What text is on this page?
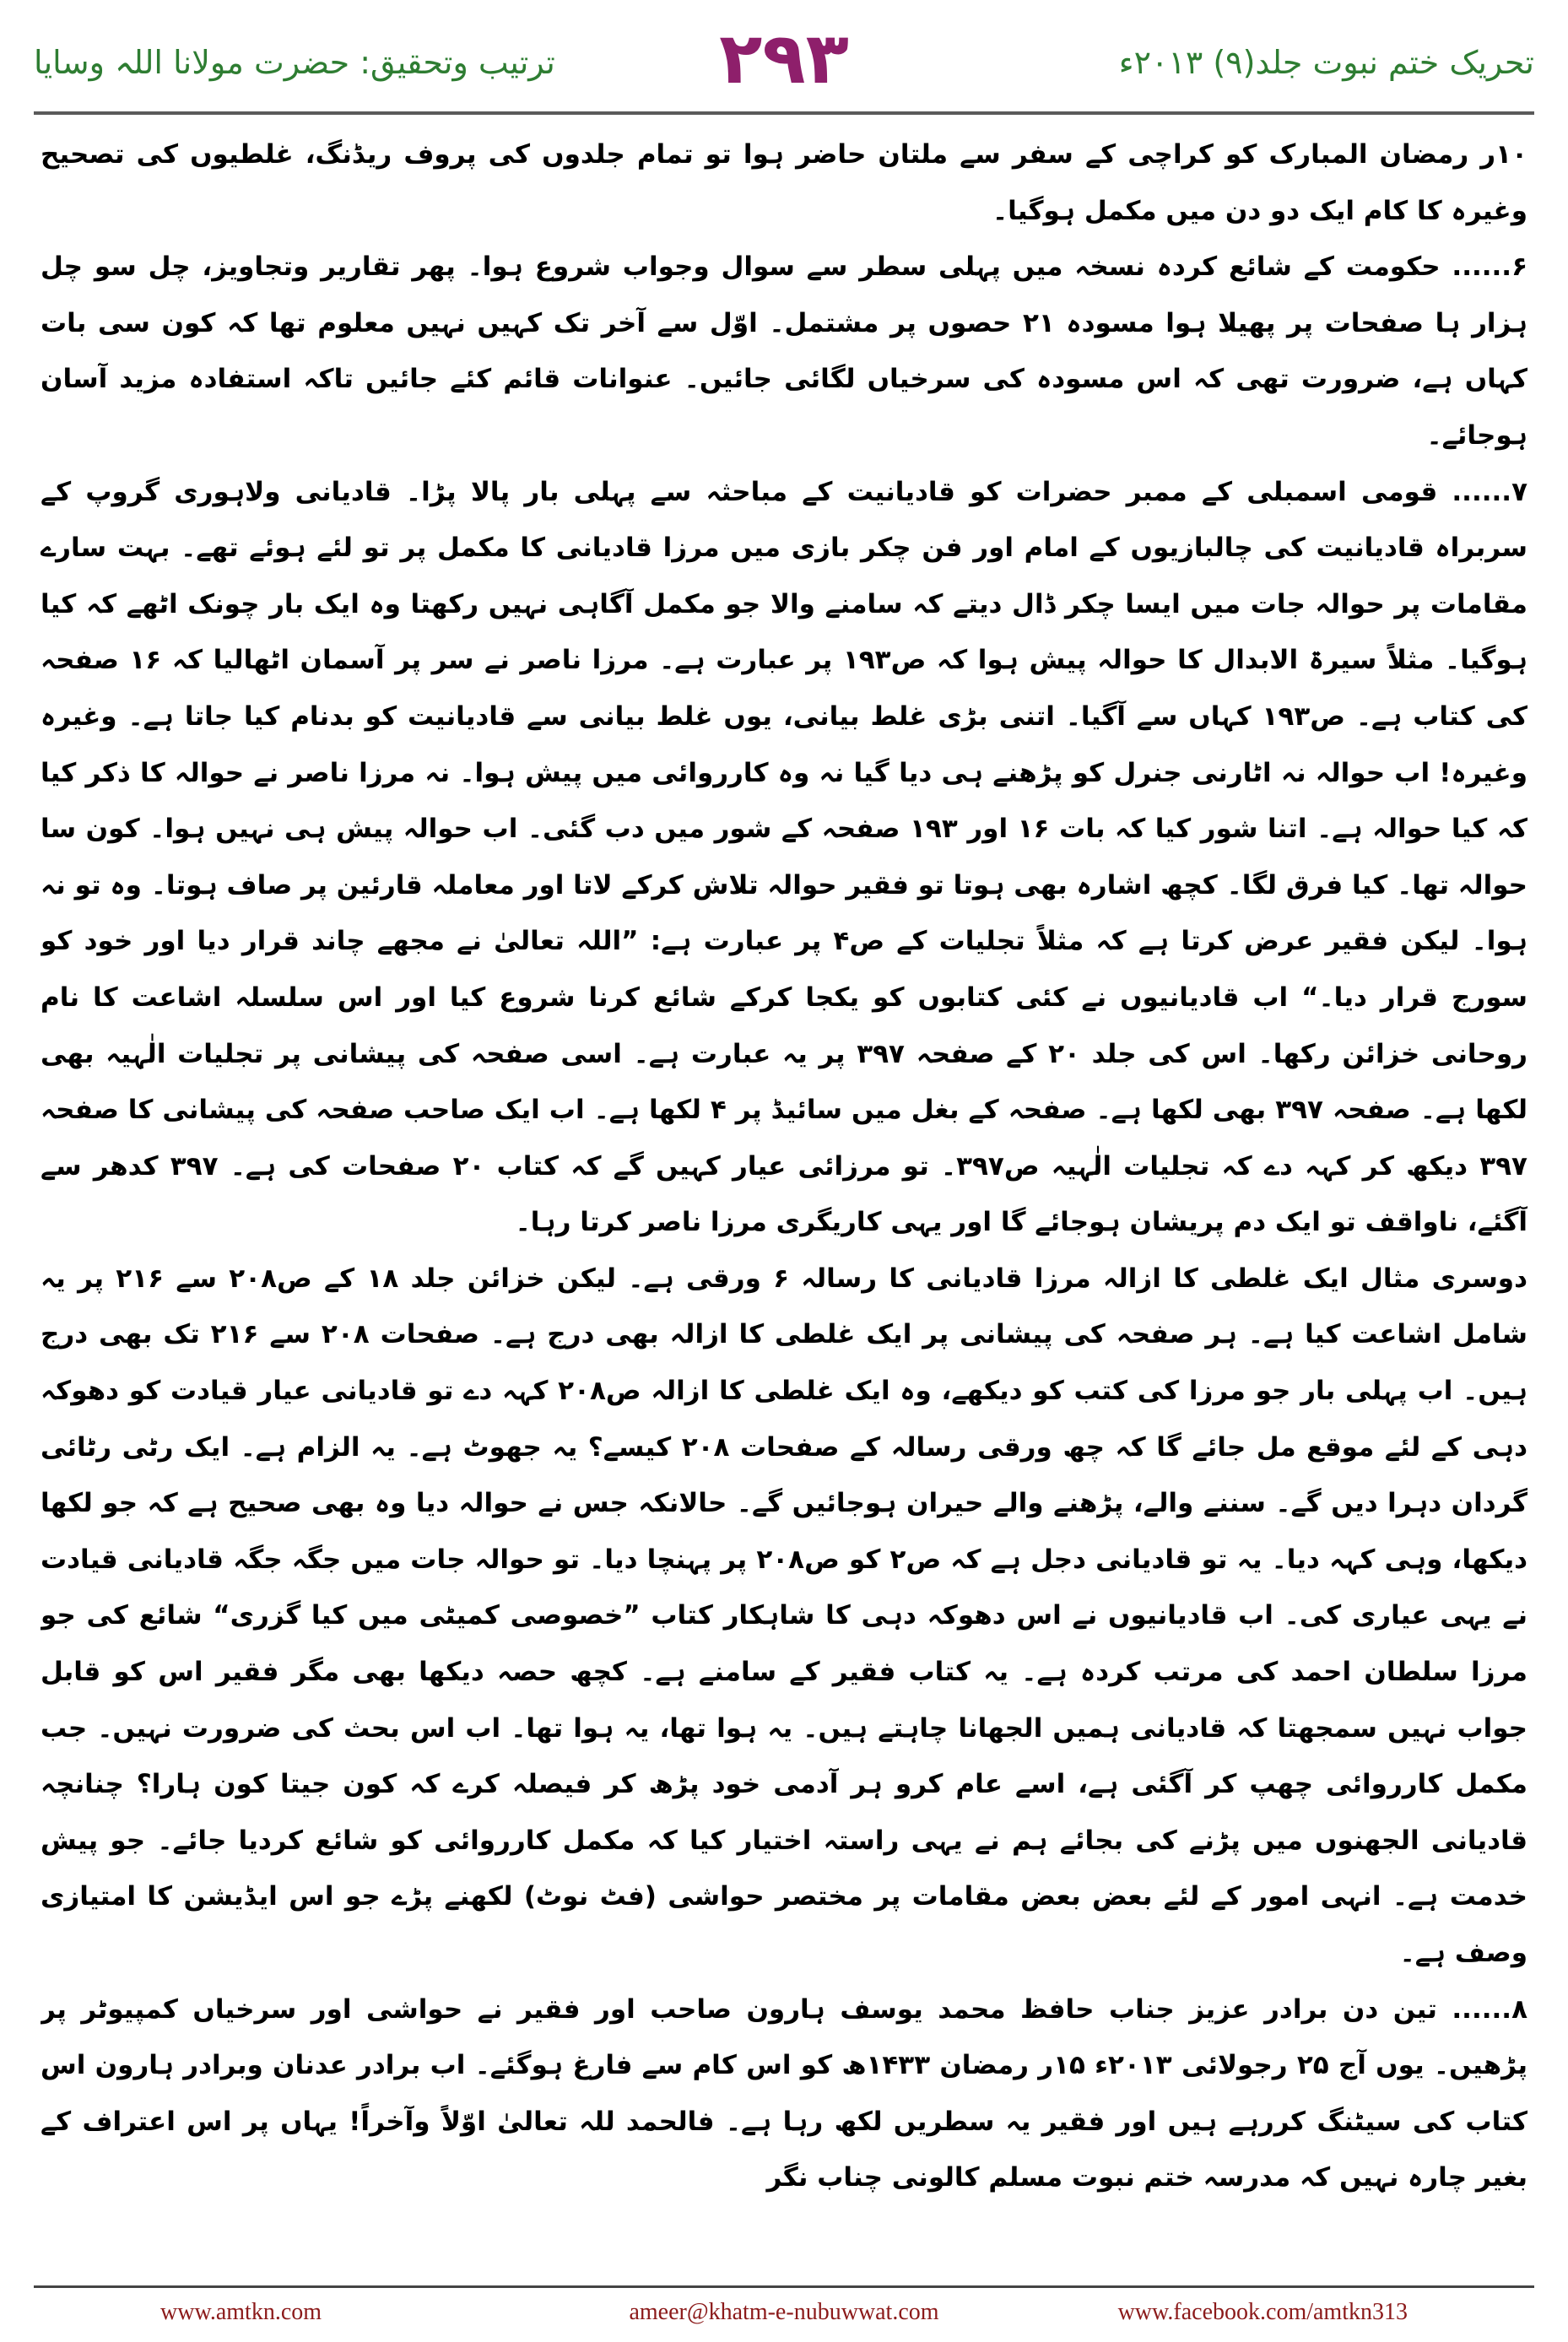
ترتیب وتحقیق: حضرت مولانا اللہ وسایا	۲۹۳	تحریک ختم نبوت جلد(۹) ۲۰۱۳ء

۱۰ر رمضان المبارک کو کراچی کے سفر سے ملتان حاضر ہوا تو تمام جلدوں کی پروف ریڈنگ، غلطیوں کی تصحیح وغیرہ کا کام ایک دو دن میں مکمل ہوگیا۔

۶...... حکومت کے شائع کردہ نسخہ میں پہلی سطر سے سوال وجواب شروع ہوا۔ پھر تقاریر وتجاویز، چل سو چل ہزار ہا صفحات پر پھیلا ہوا مسودہ ۲۱ حصوں پر مشتمل۔ اوّل سے آخر تک کہیں نہیں معلوم تھا کہ کون سی بات کہاں ہے، ضرورت تھی کہ اس مسودہ کی سرخیاں لگائی جائیں۔ عنوانات قائم کئے جائیں تاکہ استفادہ مزید آسان ہوجائے۔

۷...... قومی اسمبلی کے ممبر حضرات کو قادیانیت کے مباحثہ سے پہلی بار پالا پڑا۔ قادیانی ولاہوری گروپ کے سربراہ قادیانیت کی چالبازیوں کے امام اور فن چکر بازی میں مرزا قادیانی کا مکمل پر تو لئے ہوئے تھے۔ بہت سارے مقامات پر حوالہ جات میں ایسا چکر ڈال دیتے کہ سامنے والا جو مکمل آگاہی نہیں رکھتا وہ ایک بار چونک اٹھے کہ کیا ہوگیا۔ مثلاً سیرۃ الابدال کا حوالہ پیش ہوا کہ ص۱۹۳ پر عبارت ہے۔ مرزا ناصر نے سر پر آسمان اٹھالیا کہ ۱۶ صفحہ کی کتاب ہے۔ ص۱۹۳ کہاں سے آگیا۔ اتنی بڑی غلط بیانی، یوں غلط بیانی سے قادیانیت کو بدنام کیا جاتا ہے۔ وغیرہ وغیرہ! اب حوالہ نہ اٹارنی جنرل کو پڑھنے ہی دیا گیا نہ وہ کارروائی میں پیش ہوا۔ نہ مرزا ناصر نے حوالہ کا ذکر کیا کہ کیا حوالہ ہے۔ اتنا شور کیا کہ بات ۱۶ اور ۱۹۳ صفحہ کے شور میں دب گئی۔ اب حوالہ پیش ہی نہیں ہوا۔ کون سا حوالہ تھا۔ کیا فرق لگا۔ کچھ اشارہ بھی ہوتا تو فقیر حوالہ تلاش کرکے لاتا اور معاملہ قارئین پر صاف ہوتا۔ وہ تو نہ ہوا۔ لیکن فقیر عرض کرتا ہے کہ مثلاً تجلیات کے ص۴ پر عبارت ہے: ”اللہ تعالیٰ نے مجھے چاند قرار دیا اور خود کو سورج قرار دیا۔“ اب قادیانیوں نے کئی کتابوں کو یکجا کرکے شائع کرنا شروع کیا اور اس سلسلہ اشاعت کا نام روحانی خزائن رکھا۔ اس کی جلد ۲۰ کے صفحہ ۳۹۷ پر یہ عبارت ہے۔ اسی صفحہ کی پیشانی پر تجلیات الٰہیہ بھی لکھا ہے۔ صفحہ ۳۹۷ بھی لکھا ہے۔ صفحہ کے بغل میں سائیڈ پر ۴ لکھا ہے۔ اب ایک صاحب صفحہ کی پیشانی کا صفحہ ۳۹۷ دیکھ کر کہہ دے کہ تجلیات الٰہیہ ص۳۹۷۔ تو مرزائی عیار کہیں گے کہ کتاب ۲۰ صفحات کی ہے۔ ۳۹۷ کدھر سے آگئے، ناواقف تو ایک دم پریشان ہوجائے گا اور یہی کاریگری مرزا ناصر کرتا رہا۔

دوسری مثال ایک غلطی کا ازالہ مرزا قادیانی کا رسالہ ۶ ورقی ہے۔ لیکن خزائن جلد ۱۸ کے ص۲۰۸ سے ۲۱۶ پر یہ شامل اشاعت کیا ہے۔ ہر صفحہ کی پیشانی پر ایک غلطی کا ازالہ بھی درج ہے۔ صفحات ۲۰۸ سے ۲۱۶ تک بھی درج ہیں۔ اب پہلی بار جو مرزا کی کتب کو دیکھے، وہ ایک غلطی کا ازالہ ص۲۰۸ کہہ دے تو قادیانی عیار قیادت کو دھوکہ دہی کے لئے موقع مل جائے گا کہ چھ ورقی رسالہ کے صفحات ۲۰۸ کیسے؟ یہ جھوٹ ہے۔ یہ الزام ہے۔ ایک رٹی رٹائی گردان دہرا دیں گے۔ سننے والے، پڑھنے والے حیران ہوجائیں گے۔ حالانکہ جس نے حوالہ دیا وہ بھی صحیح ہے کہ جو لکھا دیکھا، وہی کہہ دیا۔ یہ تو قادیانی دجل ہے کہ ص۲ کو ص۲۰۸ پر پہنچا دیا۔ تو حوالہ جات میں جگہ جگہ قادیانی قیادت نے یہی عیاری کی۔ اب قادیانیوں نے اس دھوکہ دہی کا شاہکار کتاب ”خصوصی کمیٹی میں کیا گزری“ شائع کی جو مرزا سلطان احمد کی مرتب کردہ ہے۔ یہ کتاب فقیر کے سامنے ہے۔ کچھ حصہ دیکھا بھی مگر فقیر اس کو قابل جواب نہیں سمجھتا کہ قادیانی ہمیں الجھانا چاہتے ہیں۔ یہ ہوا تھا، یہ ہوا تھا۔ اب اس بحث کی ضرورت نہیں۔ جب مکمل کارروائی چھپ کر آگئی ہے، اسے عام کرو ہر آدمی خود پڑھ کر فیصلہ کرے کہ کون جیتا کون ہارا؟ چنانچہ قادیانی الجھنوں میں پڑنے کی بجائے ہم نے یہی راستہ اختیار کیا کہ مکمل کارروائی کو شائع کردیا جائے۔ جو پیش خدمت ہے۔ انہی امور کے لئے بعض بعض مقامات پر مختصر حواشی (فٹ نوٹ) لکھنے پڑے جو اس ایڈیشن کا امتیازی وصف ہے۔

۸...... تین دن برادر عزیز جناب حافظ محمد یوسف ہارون صاحب اور فقیر نے حواشی اور سرخیاں کمپیوٹر پر پڑھیں۔ یوں آج ۲۵ رجولائی ۲۰۱۳ء ۱۵ر رمضان ۱۴۳۳ھ کو اس کام سے فارغ ہوگئے۔ اب برادر عدنان وبرادر ہارون اس کتاب کی سیٹنگ کررہے ہیں اور فقیر یہ سطریں لکھ رہا ہے۔ فالحمد للہ تعالیٰ اوّلاً وآخراً! یہاں پر اس اعتراف کے بغیر چارہ نہیں کہ مدرسہ ختم نبوت مسلم کالونی چناب نگر

www.amtkn.com	ameer@khatm-e-nubuwwat.com	www.facebook.com/amtkn313
